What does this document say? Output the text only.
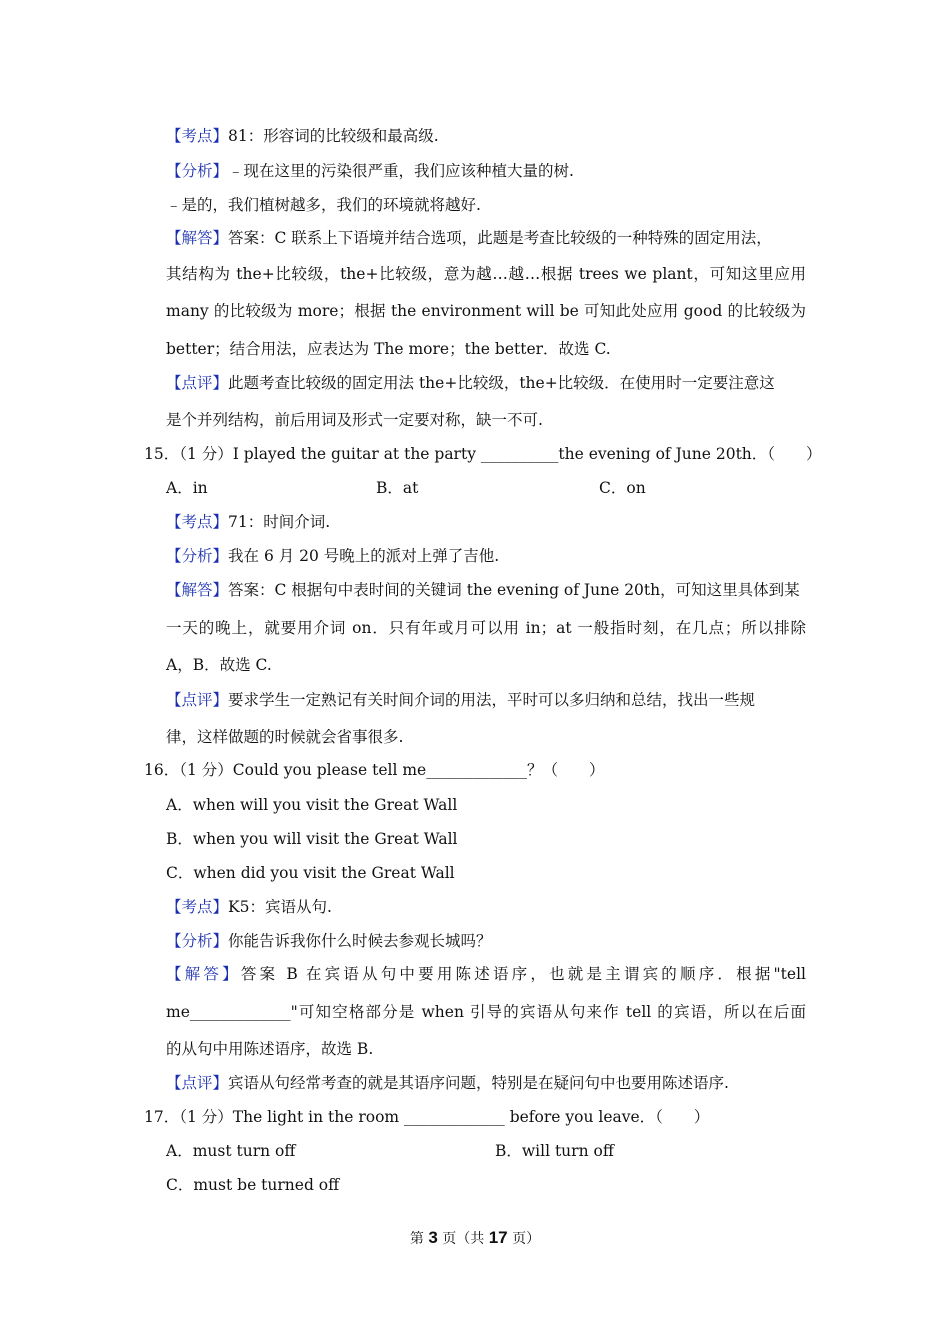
【考点】81：形容词的比较级和最高级.
【分析】﹣现在这里的污染很严重，我们应该种植大量的树.
﹣是的，我们植树越多，我们的环境就将越好.
【解答】答案：C 联系上下语境并结合选项，此题是考查比较级的一种特殊的固定用法，
其结构为 the+比较级，the+比较级，意为越…越…根据 trees we plant，可知这里应用
many 的比较级为 more；根据 the environment will be 可知此处应用 good 的比较级为
better；结合用法，应表达为 The more；the better．故选 C.
【点评】此题考查比较级的固定用法 the+比较级，the+比较级．在使用时一定要注意这
是个并列结构，前后用词及形式一定要对称，缺一不可.
15．（1 分）I played the guitar at the party __________the evening of June 20th．（　　）
A．in	B．at	C．on
【考点】71：时间介词.
【分析】我在 6 月 20 号晚上的派对上弹了吉他.
【解答】答案：C 根据句中表时间的关键词 the evening of June 20th，可知这里具体到某
一天的晚上，就要用介词 on．只有年或月可以用 in；at 一般指时刻，在几点；所以排除
A，B．故选 C.
【点评】要求学生一定熟记有关时间介词的用法，平时可以多归纳和总结，找出一些规
律，这样做题的时候就会省事很多.
16．（1 分）Could you please tell me_____________？（　　）
A．when will you visit the Great Wall
B．when you will visit the Great Wall
C．when did you visit the Great Wall
【考点】K5：宾语从句.
【分析】你能告诉我你什么时候去参观长城吗？
【解答】答案 B 在宾语从句中要用陈述语序，也就是主谓宾的顺序．根据"tell
me_____________"可知空格部分是 when 引导的宾语从句来作 tell 的宾语，所以在后面
的从句中用陈述语序，故选 B.
【点评】宾语从句经常考查的就是其语序问题，特别是在疑问句中也要用陈述语序.
17．（1 分）The light in the room _____________ before you leave．（　　）
A．must turn off	B．will turn off
C．must be turned off
第 3 页（共 17 页）
